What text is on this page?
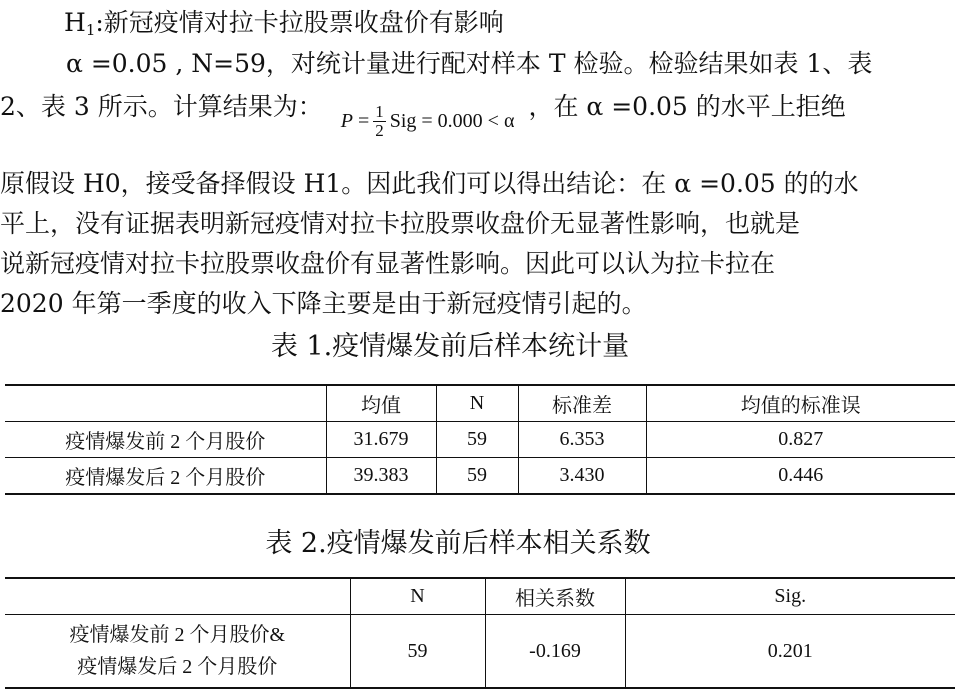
$H_1$:新冠疫情对拉卡拉股票收盘价有影响
α =0.05 , N=59，对统计量进行配对样本 T 检验。检验结果如表 1、表
2、表 3 所示。计算结果为： $P = \frac{1}{2}$ Sig = 0.000 < α ，在 α =0.05 的水平上拒绝
原假设 H0，接受备择假设 H1。因此我们可以得出结论：在 α =0.05 的的水
平上，没有证据表明新冠疫情对拉卡拉股票收盘价无显著性影响，也就是
说新冠疫情对拉卡拉股票收盘价有显著性影响。因此可以认为拉卡拉在
2020 年第一季度的收入下降主要是由于新冠疫情引起的。
表 1.疫情爆发前后样本统计量
	均值	N	标准差	均值的标准误
疫情爆发前 2 个月股价	31.679	59	6.353	0.827
疫情爆发后 2 个月股价	39.383	59	3.430	0.446
表 2.疫情爆发前后样本相关系数
	N	相关系数	Sig.

疫情爆发前 2 个月股价&
疫情爆发后 2 个月股价	59	-0.169	0.201
